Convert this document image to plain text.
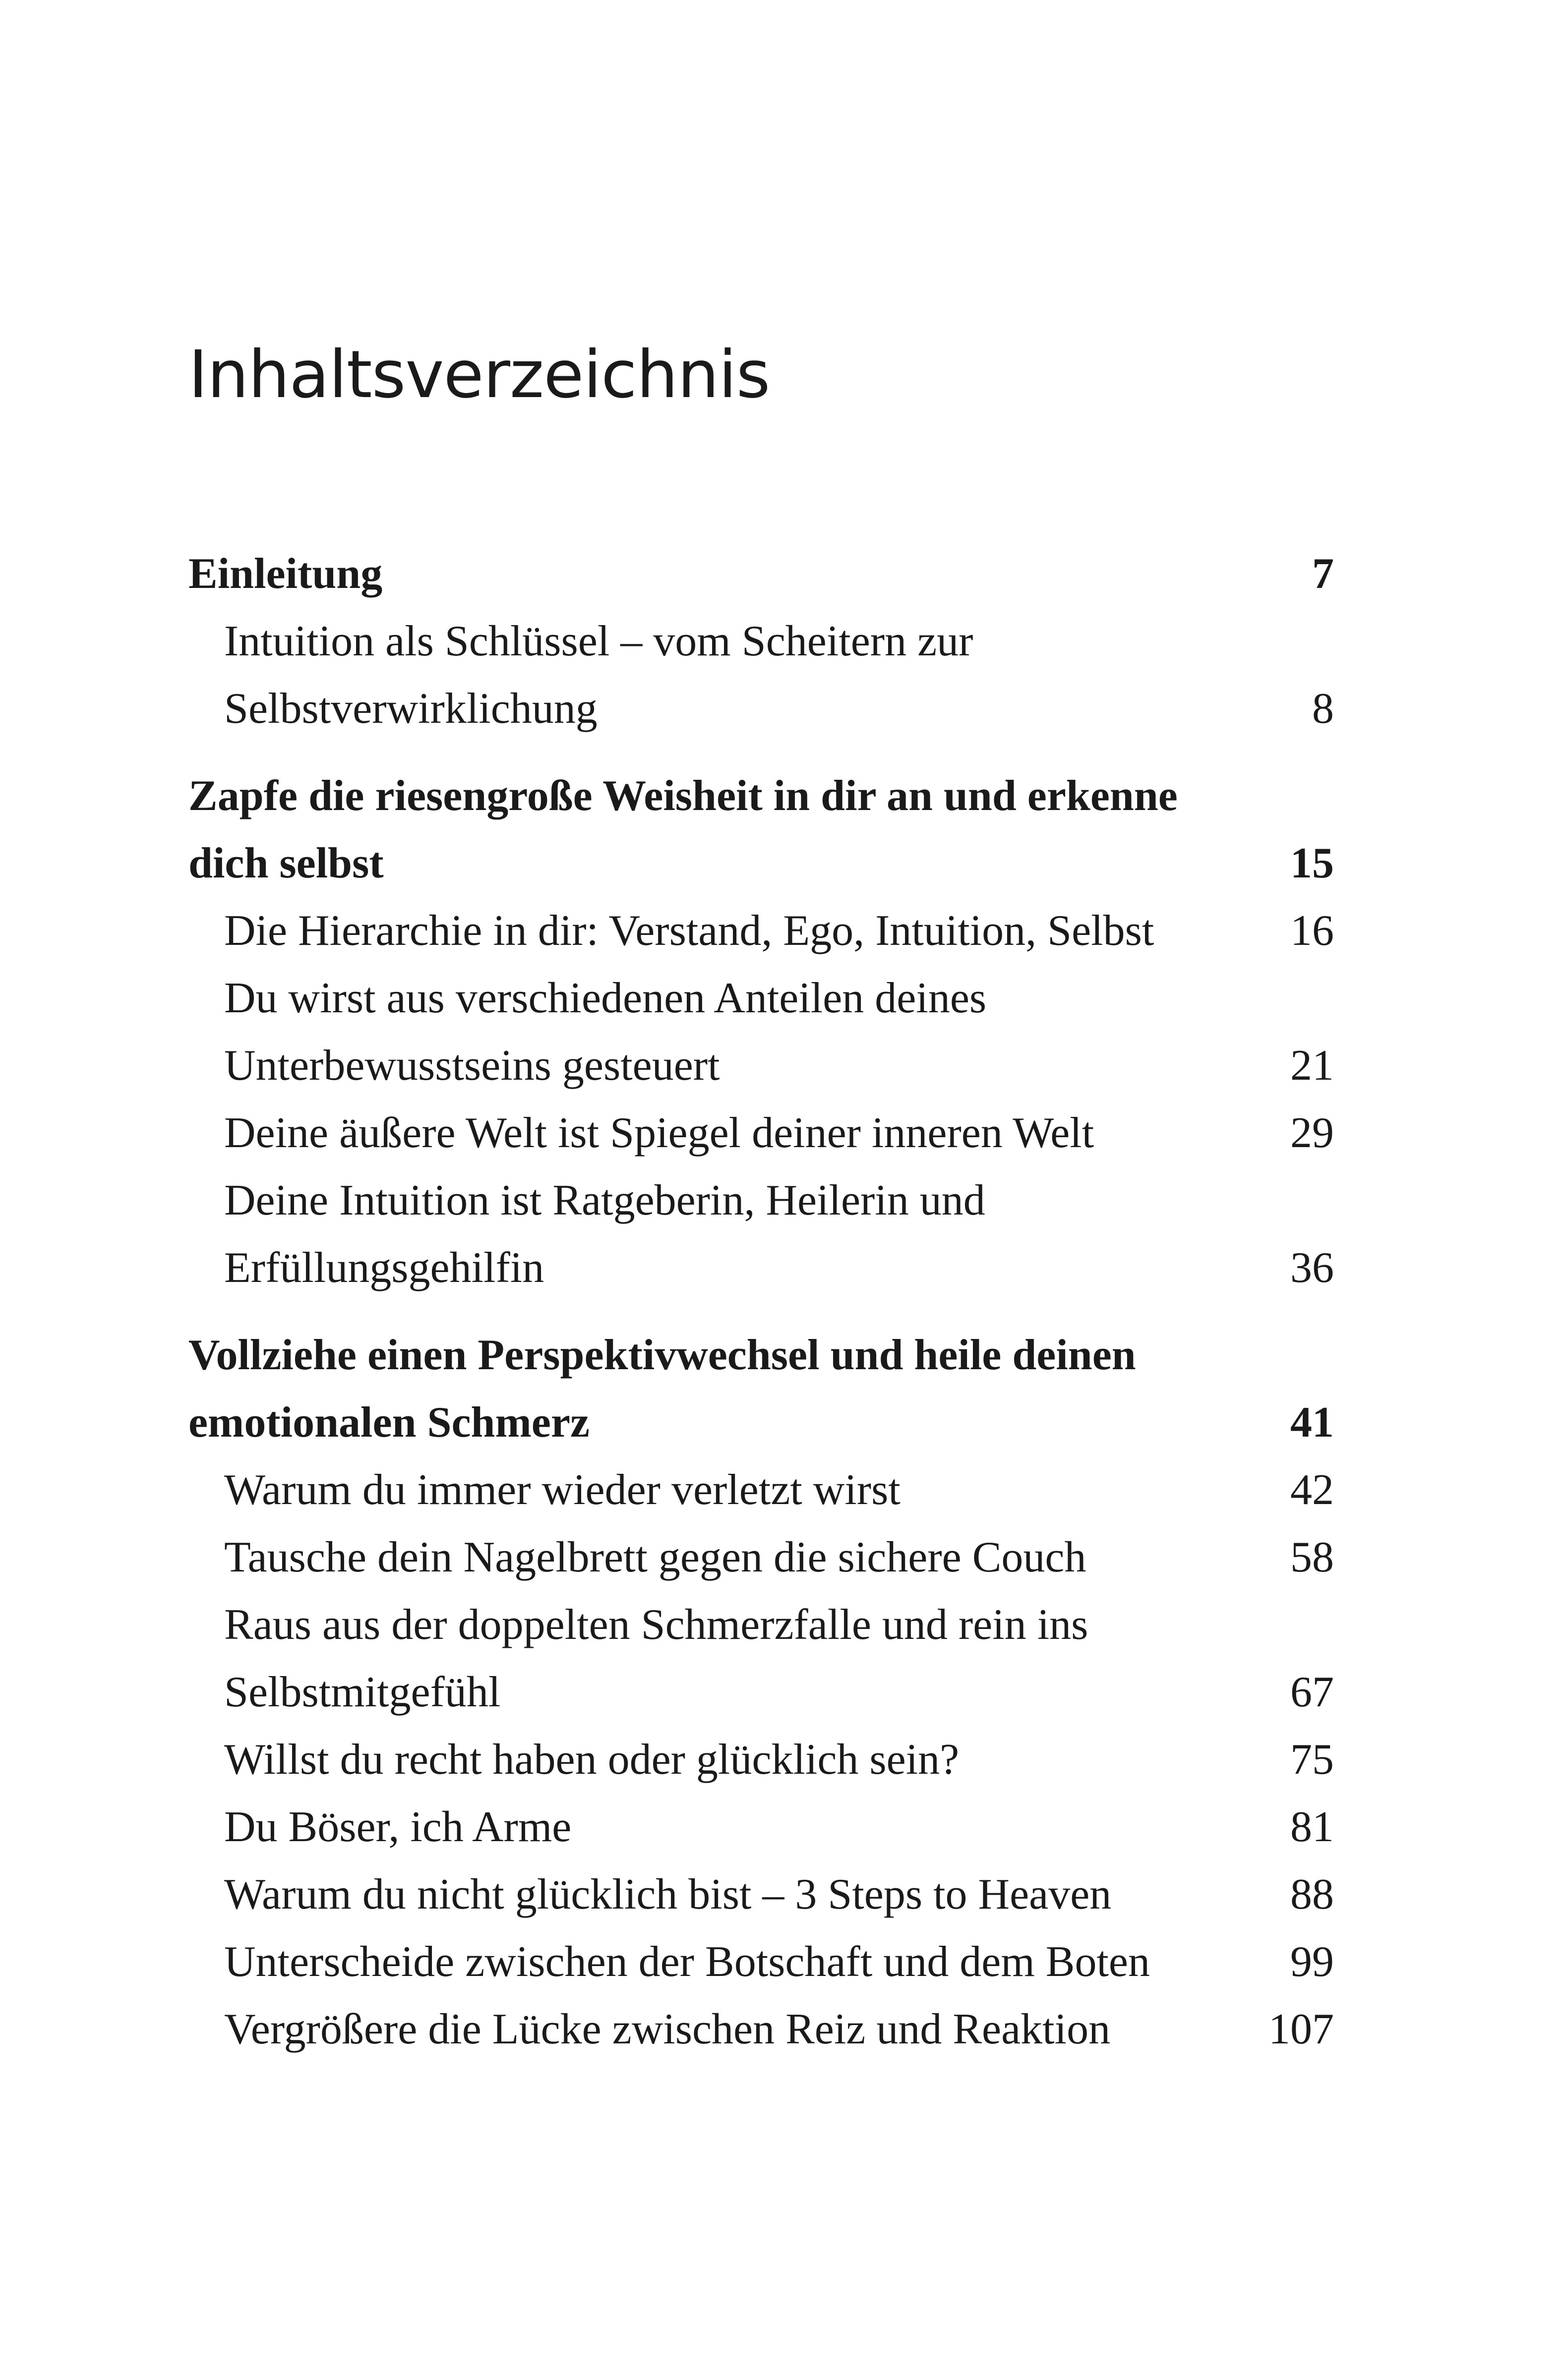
Inhaltsverzeichnis
Einleitung	7
Intuition als Schlüssel – vom Scheitern zur
Selbstverwirklichung	8
Zapfe die riesengroße Weisheit in dir an und erkenne
dich selbst	15
Die Hierarchie in dir: Verstand, Ego, Intuition, Selbst	16
Du wirst aus verschiedenen Anteilen deines
Unterbewusstseins gesteuert	21
Deine äußere Welt ist Spiegel deiner inneren Welt	29
Deine Intuition ist Ratgeberin, Heilerin und
Erfüllungsgehilfin	36
Vollziehe einen Perspektivwechsel und heile deinen
emotionalen Schmerz	41
Warum du immer wieder verletzt wirst	42
Tausche dein Nagelbrett gegen die sichere Couch	58
Raus aus der doppelten Schmerzfalle und rein ins
Selbstmitgefühl	67
Willst du recht haben oder glücklich sein?	75
Du Böser, ich Arme	81
Warum du nicht glücklich bist – 3 Steps to Heaven	88
Unterscheide zwischen der Botschaft und dem Boten	99
Vergrößere die Lücke zwischen Reiz und Reaktion	107
